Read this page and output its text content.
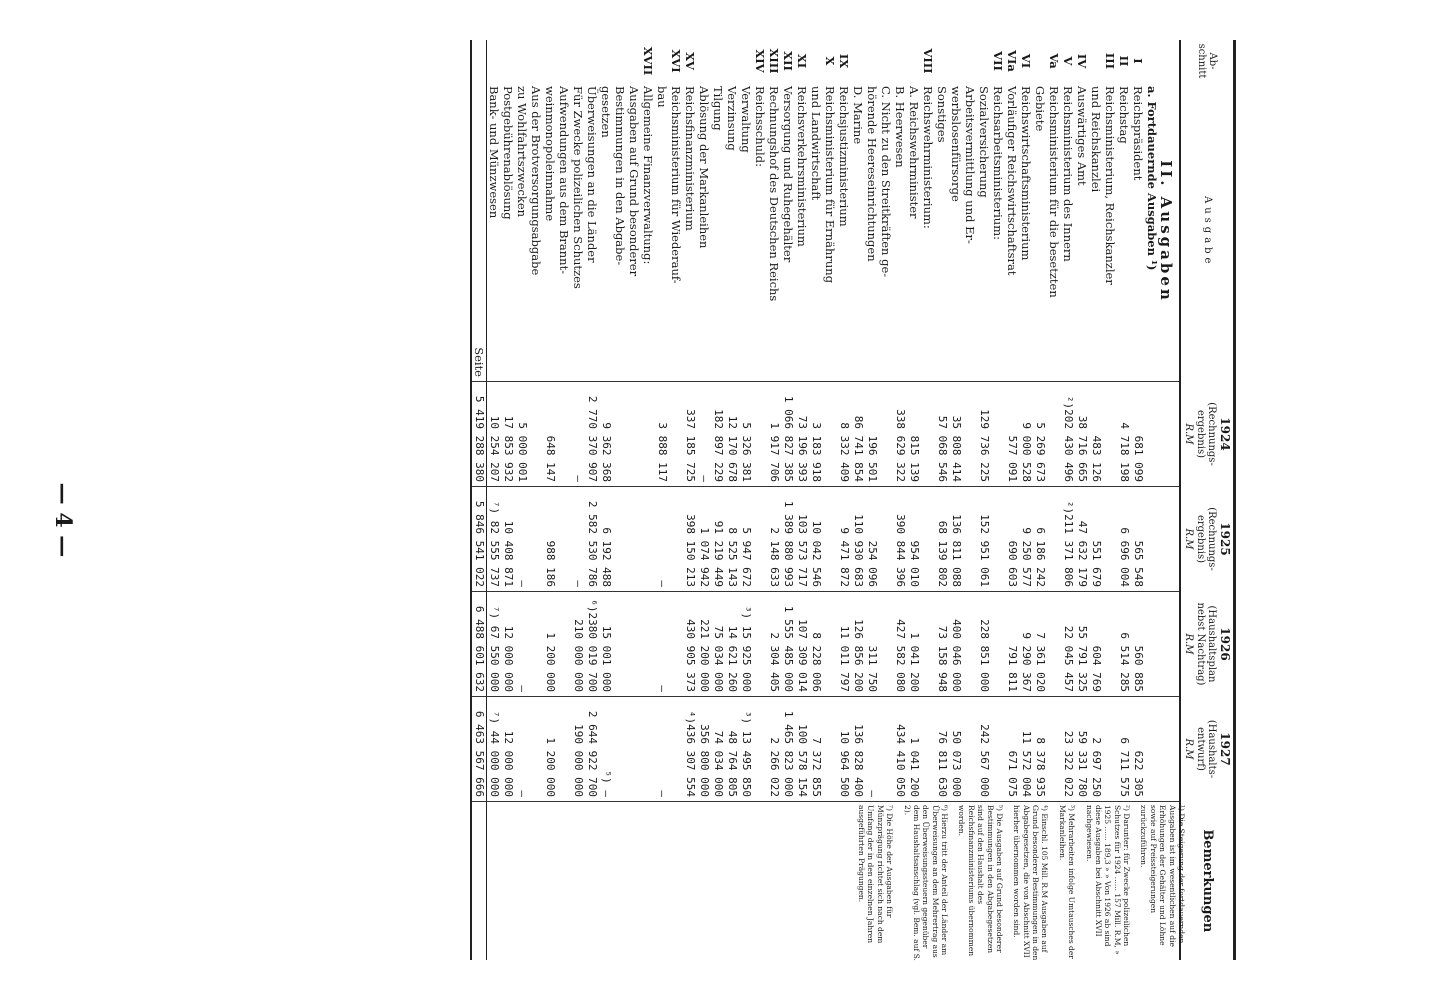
— 4 —
Ab-
schnitt	Ausgabe	1924
(Rechnungs-
ergebnis)
R.M	1925
(Rechnungs-
ergebnis)
R.M	1926
(Haushaltsplan
nebst Nachtrag)
R.M	1927
(Haushalts-
entwurf)
R.M	Bemerkungen
	II. Ausgaben					
	a. Fortdauernde Ausgaben ¹)					
I	Reichspräsident	681 099	565 548	560 885	622 305	
II	Reichstag	4 718 198	6 696 004	6 514 285	6 711 575	
III	Reichsministerium, Reichskanzler					
	und Reichskanzlei	483 126	551 679	604 769	2 697 250	
IV	Auswärtiges Amt	38 716 665	47 632 179	55 791 325	59 331 780	
V	Reichsministerium des Innern	²)202 430 496	²)211 371 806	22 045 457	23 322 022	
Va	Reichsministerium für die besetzten					
	Gebiete	5 269 673	6 186 242	7 361 020	8 378 935	
VI	Reichswirtschaftsministerium	9 000 528	9 250 577	9 290 367	11 572 004	
VIa	Vorläufiger Reichswirtschaftsrat	577 091	690 603	791 811	671 075	
VII	Reichsarbeitsministerium:					
	Sozialversicherung	129 736 225	152 951 061	228 851 000	242 567 000	
	Arbeitsvermittlung und Er-					
	werbslosenfürsorge	35 808 414	136 811 088	400 046 000	50 073 000	
	Sonstiges	57 068 546	68 139 802	73 158 948	76 811 630	
VIII	Reichswehrministerium:					
	A. Reichswehrminister	815 139	954 010	1 041 200	1 041 200	
	B. Heerwesen	338 629 322	390 844 396	427 582 080	434 410 050	
	C. Nicht zu den Streitkräften ge-					
	hörende Heereseinrichtungen	196 501	254 096	311 750	—	
	D. Marine	86 741 854	110 930 683	126 856 200	136 828 400	
IX	Reichsjustizministerium	8 332 409	9 471 872	11 011 797	10 964 500	
X	Reichsministerium für Ernährung					
	und Landwirtschaft	3 183 918	10 042 546	8 228 006	7 372 855	
XI	Reichsverkehrsministerium	73 196 393	103 573 717	107 309 014	100 578 154	
XII	Versorgung und Ruhegehälter	1 066 827 385	1 389 880 993	1 555 485 000	1 465 823 000	
XIII	Rechnungshof des Deutschen Reichs	1 917 706	2 148 633	2 304 405	2 266 022	
XIV	Reichsschuld:					
	Verwaltung	5 326 381	5 947 672	³) 15 925 000	³) 13 495 850	
	Verzinsung	12 170 678	8 525 143	14 621 260	48 764 805	
	Tilgung	182 897 229	91 219 449	75 034 000	74 034 000	
	Ablösung der Markanleihen	—	1 074 942	221 200 000	356 800 000	
XV	Reichsfinanzministerium	337 185 725	398 150 213	430 905 373	⁴)436 307 554	
XVI	Reichsministerium für Wiederauf-					
	bau	3 888 117	—	—	—	
XVII	Allgemeine Finanzverwaltung:					
	Ausgaben auf Grund besonderer					
	Bestimmungen in den Abgabe-					
	gesetzen	9 362 368	6 192 488	15 001 000	⁵) —	
	Überweisungen an die Länder	2 770 370 907	2 582 530 786	⁶)2380 019 700	2 644 922 700	
	Für Zwecke polizeilichen Schutzes	—	—	210 000 000	190 000 000	
	Aufwendungen aus dem Brannt-					
	weinmonopoleinnahme	648 147	988 186	1 200 000	1 200 000	
	Aus der Brotversorgungsabgabe					
	zu Wohlfahrtszwecken	5 000 001	—	—	—	
	Postgebührenablösung	17 853 932	10 408 871	12 000 000	12 000 000	
	Bank- und Münzwesen	10 254 207	⁷) 82 555 737	⁷) 67 550 000	⁷) 44 000 000	
	Seite	5 419 288 380	5 846 541 022	6 488 601 632	6 463 567 666	

¹) Die Steigerung der fortdauernden Ausgaben ist im wesentlichen auf die Erhöhungen der Gehälter und Löhne sowie auf Preissteigerungen zurückzuführen.

²) Darunter: für Zwecke polizeilichen Schutzes für 1924 ...... 157 Mill. R.M, » 1925 ...... 189,3 » » Von 1926 ab sind diese Ausgaben bei Abschnitt XVII nachgewiesen.

³) Mehrarbeiten infolge Umtausches der Markanleihen.

⁴) Einschl. 105 Mill. R.M Ausgaben auf Grund besonderer Bestimmungen in den Abgabegesetzen, die von Abschnitt XVII hierher übernommen worden sind.

⁵) Die Ausgaben auf Grund besonderer Bestimmungen in den Abgabegesetzen sind auf den Haushalt des Reichsfinanzministeriums übernommen worden.

⁶) Hierzu tritt der Anteil der Länder am Überweisungen an dem Mehrertrag aus den Überweisungssteuern gegenüber dem Haushaltsanschlag (vgl. Bem. auf S. 2).

⁷) Die Höhe der Ausgaben für Münzprägung richtet sich nach dem Umfang der in den einzelnen Jahren ausgeführten Prägungen.
